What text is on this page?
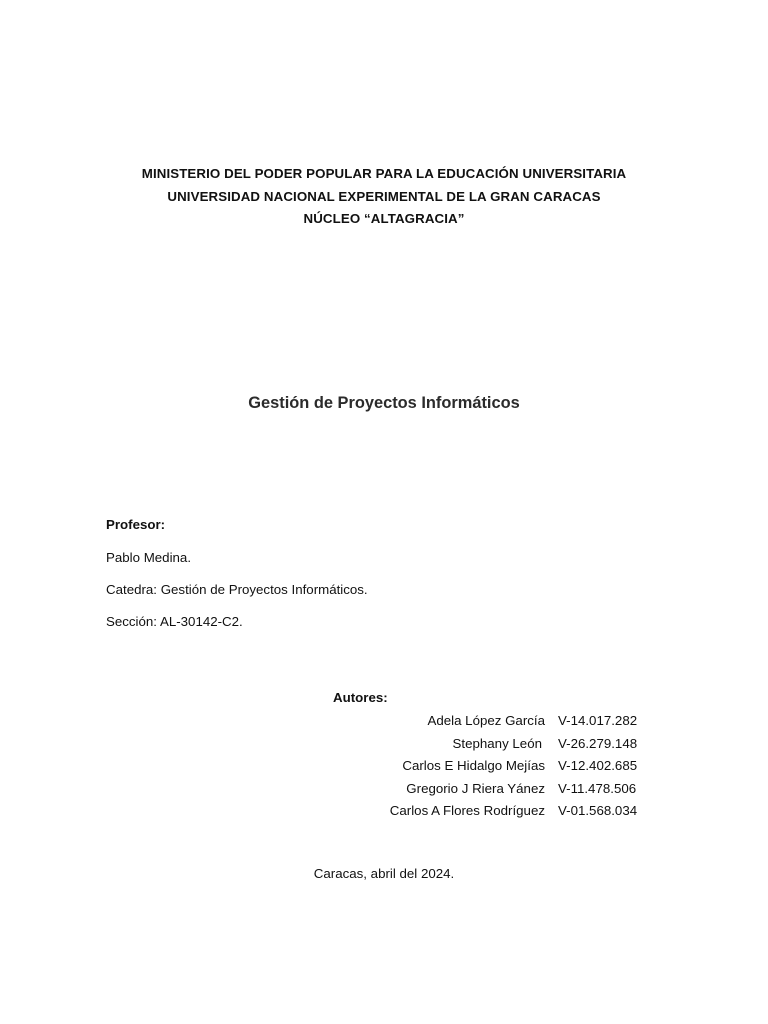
MINISTERIO DEL PODER POPULAR PARA LA EDUCACIÓN UNIVERSITARIA
UNIVERSIDAD NACIONAL EXPERIMENTAL DE LA GRAN CARACAS
NÚCLEO “ALTAGRACIA”
Gestión de Proyectos Informáticos
Profesor:
Pablo Medina.
Catedra: Gestión de Proyectos Informáticos.
Sección: AL-30142-C2.
Autores:
Adela López García V-14.017.282
Stephany León V-26.279.148
Carlos E Hidalgo Mejías V-12.402.685
Gregorio J Riera Yánez V-11.478.506
Carlos A Flores Rodríguez V-01.568.034
Caracas, abril del 2024.
